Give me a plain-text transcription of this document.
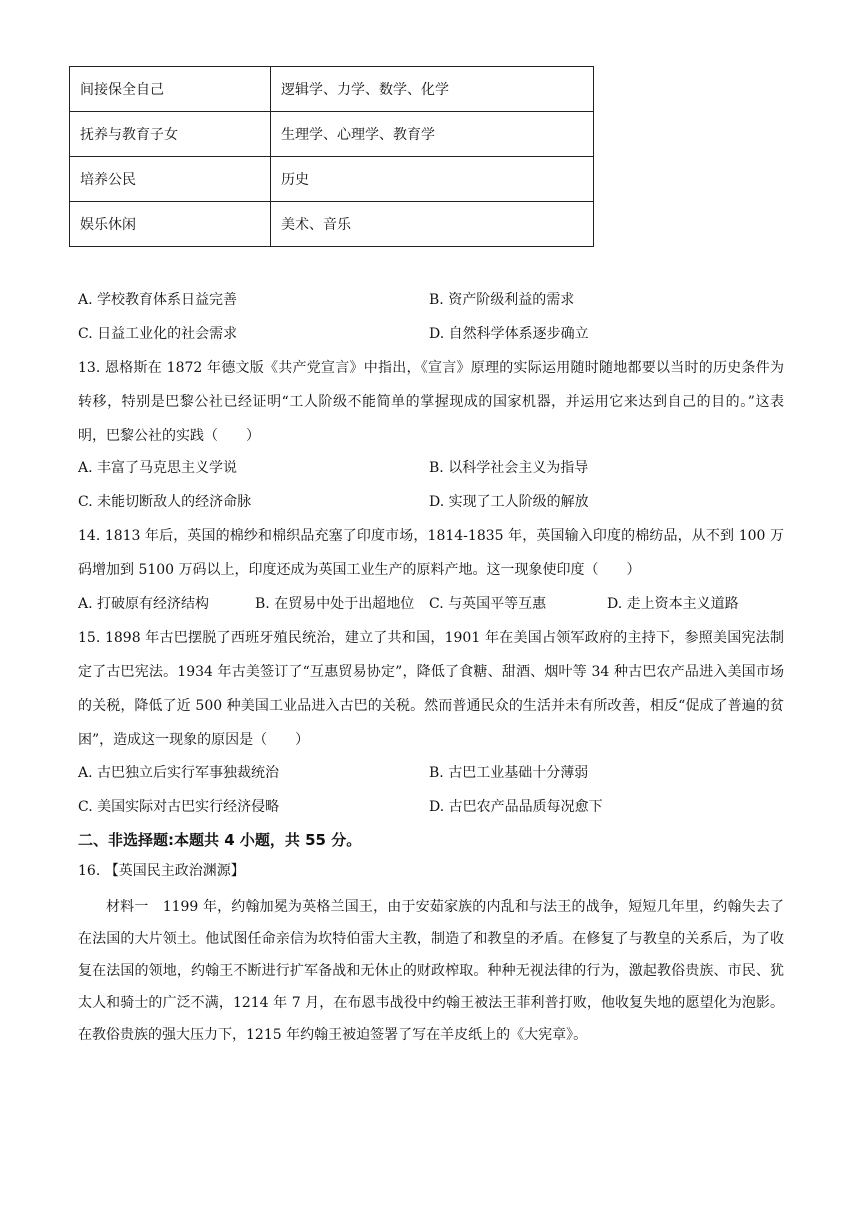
间接保全自己	逻辑学、力学、数学、化学
抚养与教育子女	生理学、心理学、教育学
培养公民	历史
娱乐休闲	美术、音乐
A. 学校教育体系日益完善	B. 资产阶级利益的需求
C. 日益工业化的社会需求	D. 自然科学体系逐步确立
13. 恩格斯在 1872 年德文版《共产党宣言》中指出，《宣言》原理的实际运用随时随地都要以当时的历史条件为转移，特别是巴黎公社已经证明“工人阶级不能简单的掌握现成的国家机器，并运用它来达到自己的目的。”这表明，巴黎公社的实践（　　）
A. 丰富了马克思主义学说	B. 以科学社会主义为指导
C. 未能切断敌人的经济命脉	D. 实现了工人阶级的解放
14. 1813 年后，英国的棉纱和棉织品充塞了印度市场，1814-1835 年，英国输入印度的棉纺品，从不到 100 万码增加到 5100 万码以上，印度还成为英国工业生产的原料产地。这一现象使印度（　　）
A. 打破原有经济结构	B. 在贸易中处于出超地位 C. 与英国平等互惠	D. 走上资本主义道路
15. 1898 年古巴摆脱了西班牙殖民统治，建立了共和国，1901 年在美国占领军政府的主持下，参照美国宪法制定了古巴宪法。1934 年古美签订了“互惠贸易协定”，降低了食糖、甜酒、烟叶等 34 种古巴农产品进入美国市场的关税，降低了近 500 种美国工业品进入古巴的关税。然而普通民众的生活并未有所改善，相反“促成了普遍的贫困”，造成这一现象的原因是（　　）
A. 古巴独立后实行军事独裁统治	B. 古巴工业基础十分薄弱
C. 美国实际对古巴实行经济侵略	D. 古巴农产品品质每况愈下
二、非选择题:本题共 4 小题，共 55 分。
16. 【英国民主政治渊源】
材料一　1199 年，约翰加冕为英格兰国王，由于安茹家族的内乱和与法王的战争，短短几年里，约翰失去了在法国的大片领土。他试图任命亲信为坎特伯雷大主教，制造了和教皇的矛盾。在修复了与教皇的关系后，为了收复在法国的领地，约翰王不断进行扩军备战和无休止的财政榨取。种种无视法律的行为，激起教俗贵族、市民、犹太人和骑士的广泛不满，1214 年 7 月，在布恩韦战役中约翰王被法王菲利普打败，他收复失地的愿望化为泡影。在教俗贵族的强大压力下，1215 年约翰王被迫签署了写在羊皮纸上的《大宪章》。
